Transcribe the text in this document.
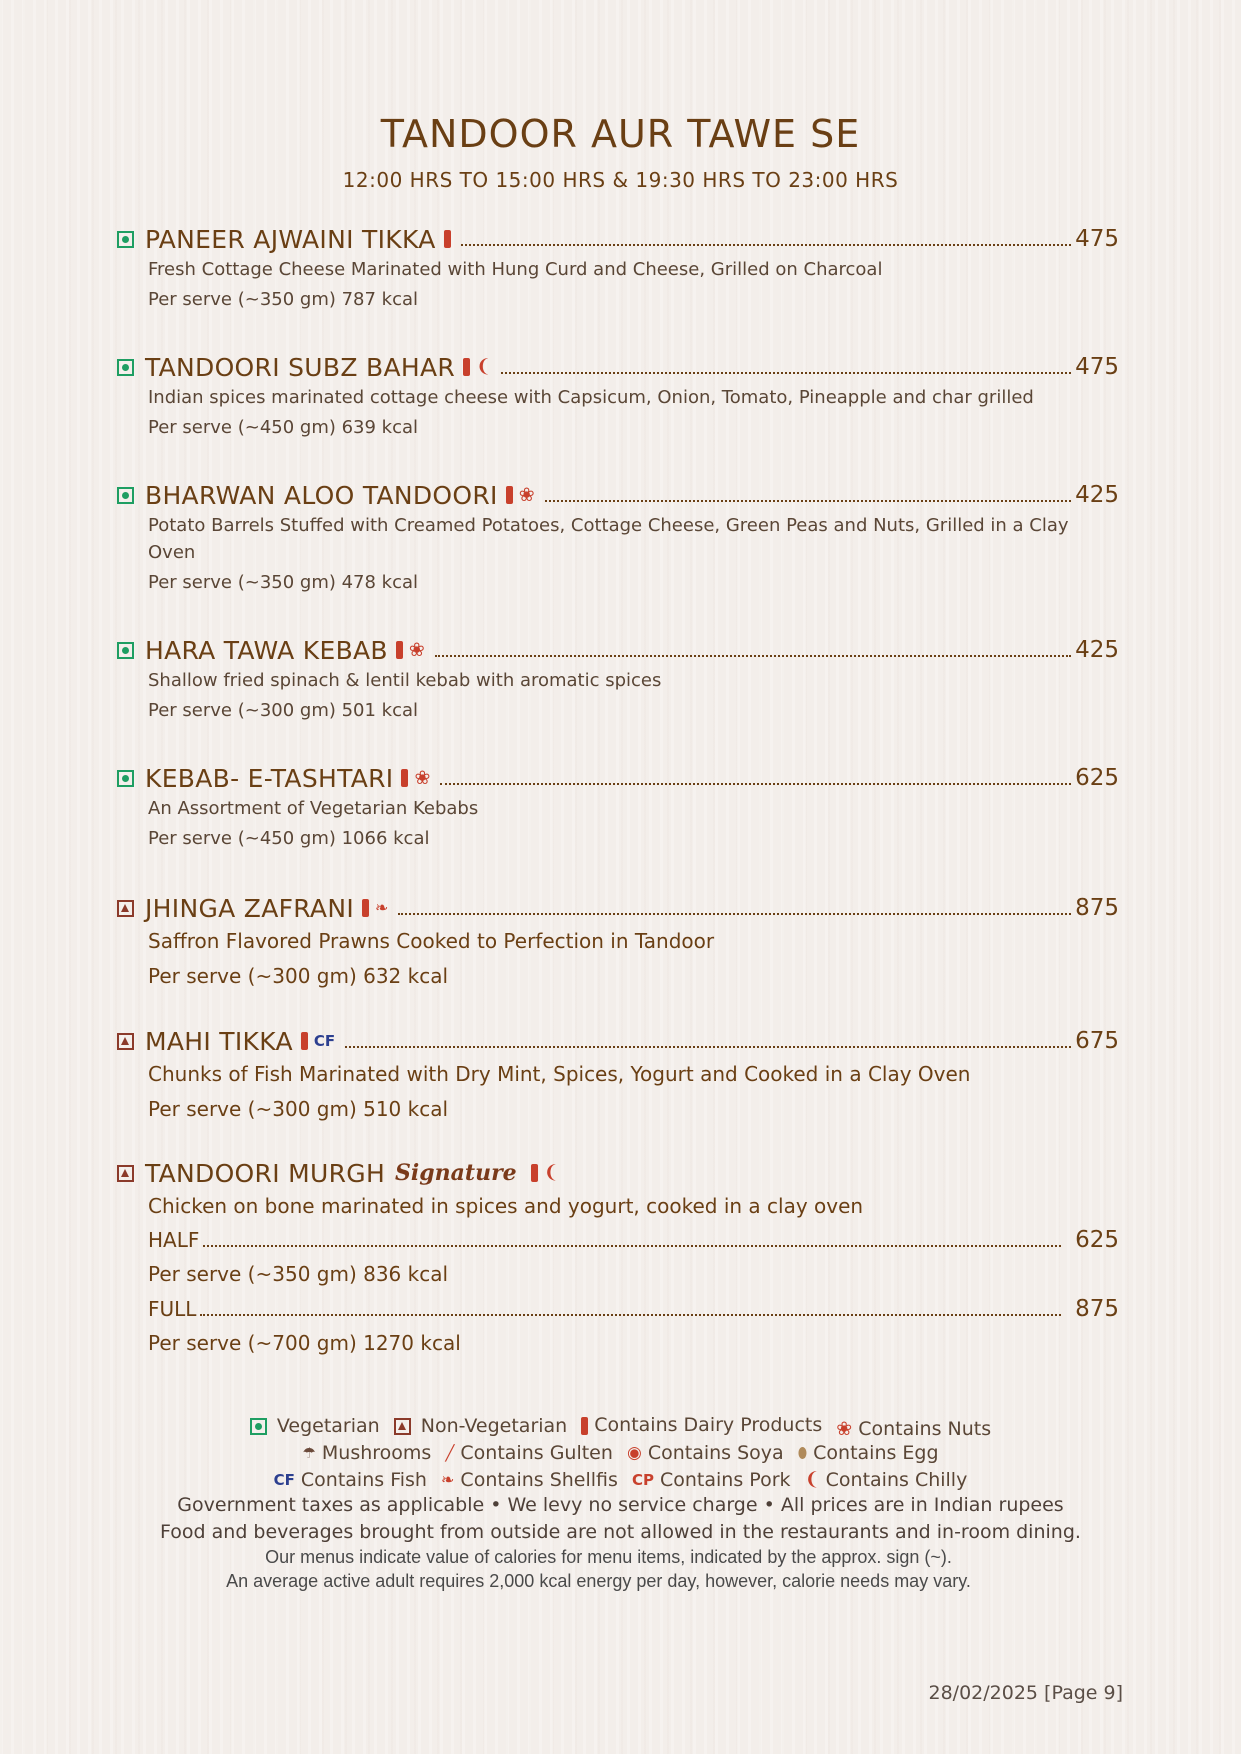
TANDOOR AUR TAWE SE
12:00 HRS TO 15:00 HRS & 19:30 HRS TO 23:00 HRS
PANEER AJWAINI TIKKA	475
Fresh Cottage Cheese Marinated with Hung Curd and Cheese, Grilled on Charcoal
Per serve (~350 gm) 787 kcal
TANDOORI SUBZ BAHAR ❨	475
Indian spices marinated cottage cheese with Capsicum, Onion, Tomato, Pineapple and char grilled
Per serve (~450 gm) 639 kcal
BHARWAN ALOO TANDOORI ❀	425
Potato Barrels Stuffed with Creamed Potatoes, Cottage Cheese, Green Peas and Nuts, Grilled in a Clay Oven
Per serve (~350 gm) 478 kcal
HARA TAWA KEBAB ❀	425
Shallow fried spinach & lentil kebab with aromatic spices
Per serve (~300 gm) 501 kcal
KEBAB- E-TASHTARI ❀	625
An Assortment of Vegetarian Kebabs
Per serve (~450 gm) 1066 kcal
JHINGA ZAFRANI ❧	875
Saffron Flavored Prawns Cooked to Perfection in Tandoor
Per serve (~300 gm) 632 kcal
MAHI TIKKA CF	675
Chunks of Fish Marinated with Dry Mint, Spices, Yogurt and Cooked in a Clay Oven
Per serve (~300 gm) 510 kcal
TANDOORI MURGH Signature ❨
Chicken on bone marinated in spices and yogurt, cooked in a clay oven
HALF	625
Per serve (~350 gm) 836 kcal
FULL	875
Per serve (~700 gm) 1270 kcal
Vegetarian
Non-Vegetarian
Contains Dairy Products
❀ Contains Nuts
☂ Mushrooms
╱ Contains Gulten
◉ Contains Soya
⬮ Contains Egg
CF Contains Fish
❧ Contains Shellfis
CP Contains Pork
❨ Contains Chilly
Government taxes as applicable • We levy no service charge • All prices are in Indian rupees
Food and beverages brought from outside are not allowed in the restaurants and in-room dining.
Our menus indicate value of calories for menu items, indicated by the approx. sign (~).
An average active adult requires 2,000 kcal energy per day, however, calorie needs may vary.
28/02/2025 [Page 9]
